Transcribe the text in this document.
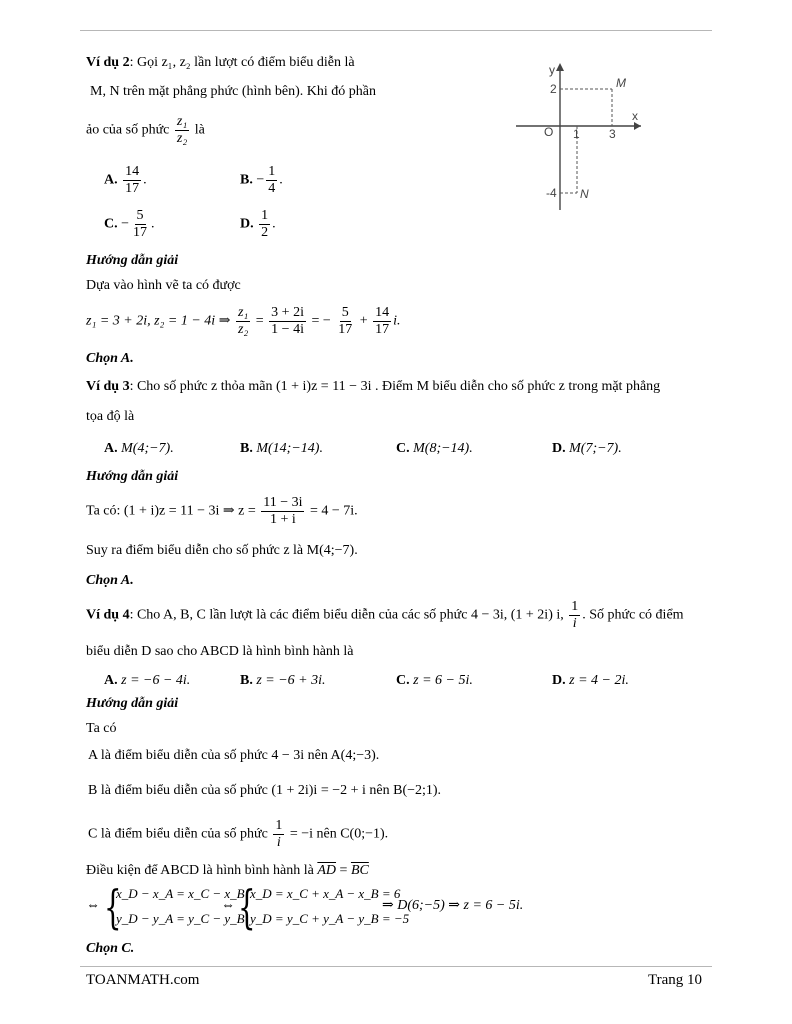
Ví dụ 2: Gọi z₁, z₂ lần lượt có điểm biểu diễn là
M, N trên mặt phẳng phức (hình bên). Khi đó phần
ảo của số phức $\frac{\text{z₁}}{\text{z₂}}$ là
y
x
O
2
-4
1 3
M
N
A. $\frac{14}{17}$ .	B. − $\frac{1}{4}$ .
C. − $\frac{5}{17}$ .	D. $\frac{1}{2}$ .
Hướng dẫn giải
Dựa vào hình vẽ ta có được
z₁ = 3 + 2i, z₂ = 1 − 4i ⇒ $\frac{\text{z₁}}{\text{z₂}} = \frac{3 + 2i}{1 - 4i}$ = − $\frac{5}{17} + \frac{14}{17} i$.
Chọn A.
Ví dụ 3: Cho số phức z thỏa mãn (1 + i)z = 11 − 3i . Điểm M biểu diễn cho số phức z trong mặt phẳng
tọa độ là
A. M(4;−7).	B. M(14;−14).	C. M(8;−14).	D. M(7;−7).
Hướng dẫn giải
Ta có: (1 + i)z = 11 − 3i ⇒ $z = \frac{11 - 3i}{1 + i} = 4 - 7i$.
Suy ra điểm biểu diễn cho số phức z là M(4;−7).
Chọn A.
Ví dụ 4: Cho A, B, C lần lượt là các điểm biểu diễn của các số phức 4 − 3i, (1 + 2i) i, $\frac{1}{i}$ . Số phức có điểm
biểu diễn D sao cho ABCD là hình bình hành là
A. z = −6 − 4i.	B. z = −6 + 3i.	C. z = 6 − 5i.	D. z = 4 − 2i.
Hướng dẫn giải
Ta có
A là điểm biểu diễn của số phức 4 − 3i nên A(4;−3).
B là điểm biểu diễn của số phức (1 + 2i)i = −2 + i nên B(−2;1).
C là điểm biểu diễn của số phức $\frac{1}{i} = -i$ nên C(0;−1).
Điều kiện để ABCD là hình bình hành là $\overline{AD} = \overline{BC}$
⇔ {
x_D − x_A = x_C − x_B
y_D − y_A = y_C − y_B
⇔ {
x_D = x_C + x_A − x_B = 6
y_D = y_C + y_A − y_B = −5
⇒ D(6;−5) ⇒ z = 6 − 5i.
Chọn C.
TOANMATH.com	Trang 10
